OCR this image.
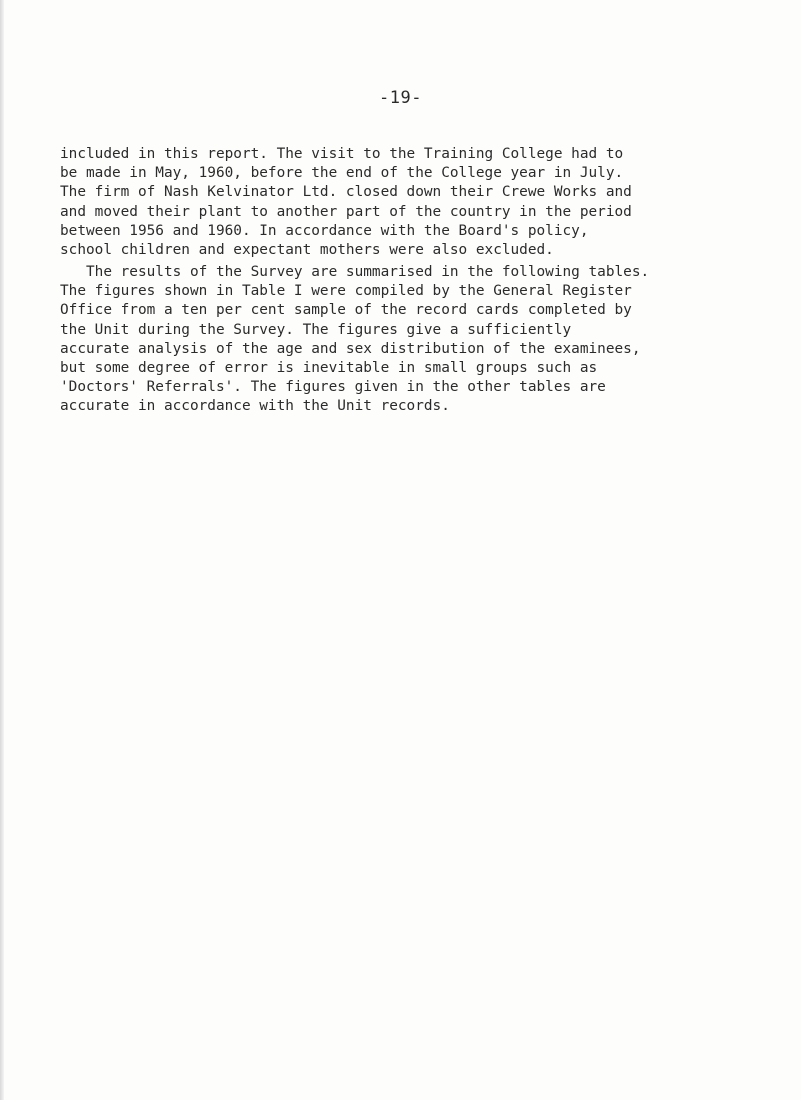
-19-
included in this report. The visit to the Training College had to
be made in May, 1960, before the end of the College year in July.
The firm of Nash Kelvinator Ltd. closed down their Crewe Works and
and moved their plant to another part of the country in the period
between 1956 and 1960. In accordance with the Board's policy,
school children and expectant mothers were also excluded.
The results of the Survey are summarised in the following tables.
The figures shown in Table I were compiled by the General Register
Office from a ten per cent sample of the record cards completed by
the Unit during the Survey. The figures give a sufficiently
accurate analysis of the age and sex distribution of the examinees,
but some degree of error is inevitable in small groups such as
'Doctors' Referrals'. The figures given in the other tables are
accurate in accordance with the Unit records.
